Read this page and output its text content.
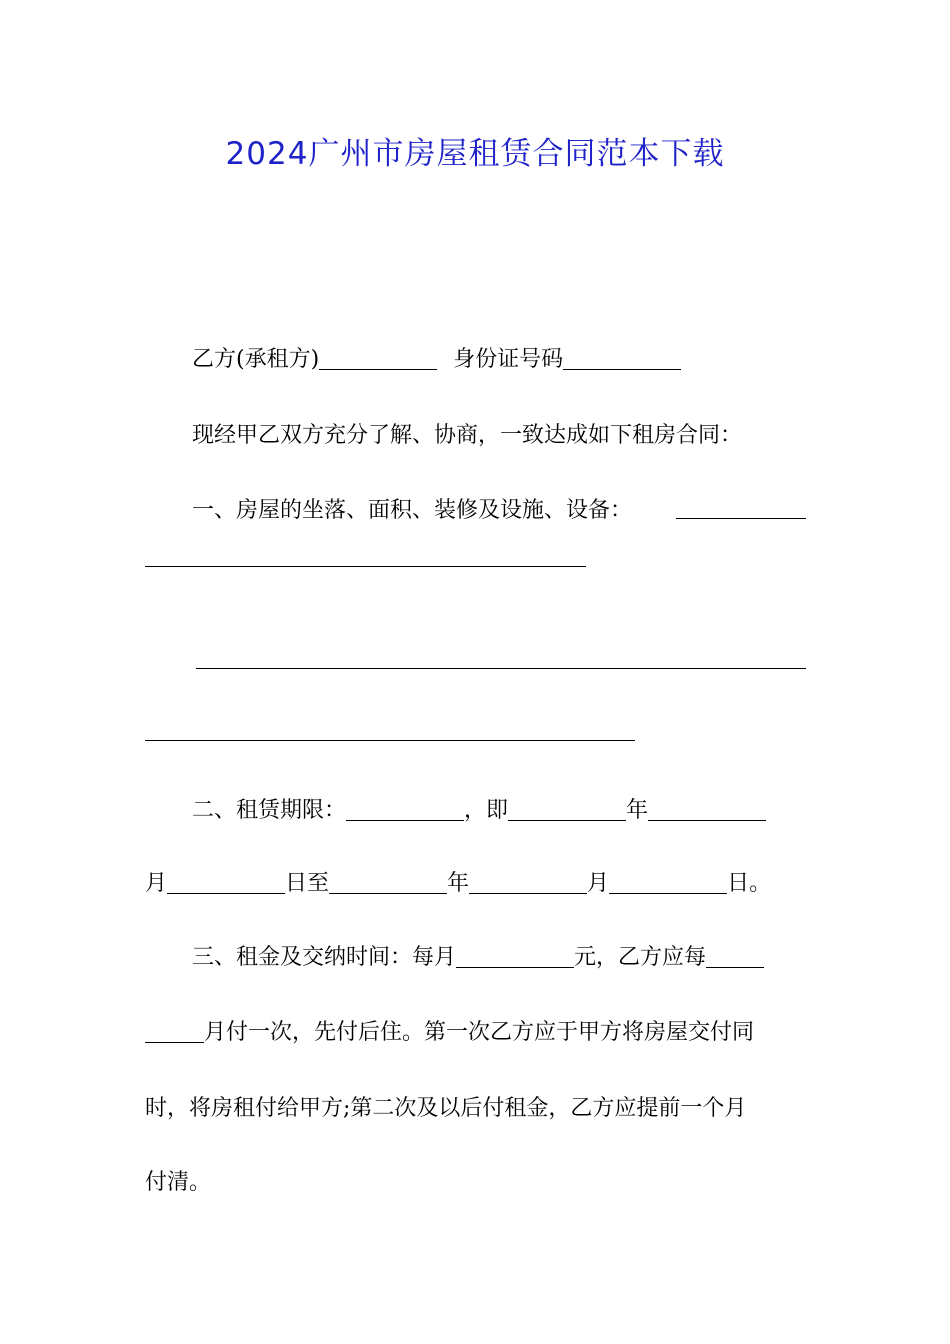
2024广州市房屋租赁合同范本下载
乙方(承租方)	身份证号码
现经甲乙双方充分了解、协商，一致达成如下租房合同：
一、房屋的坐落、面积、装修及设施、设备：
二、租赁期限：	，即	年
月	日至	年	月	日。
三、租金及交纳时间：每月	元，乙方应每
月付一次，先付后住。第一次乙方应于甲方将房屋交付同
时，将房租付给甲方;第二次及以后付租金，乙方应提前一个月
付清。
